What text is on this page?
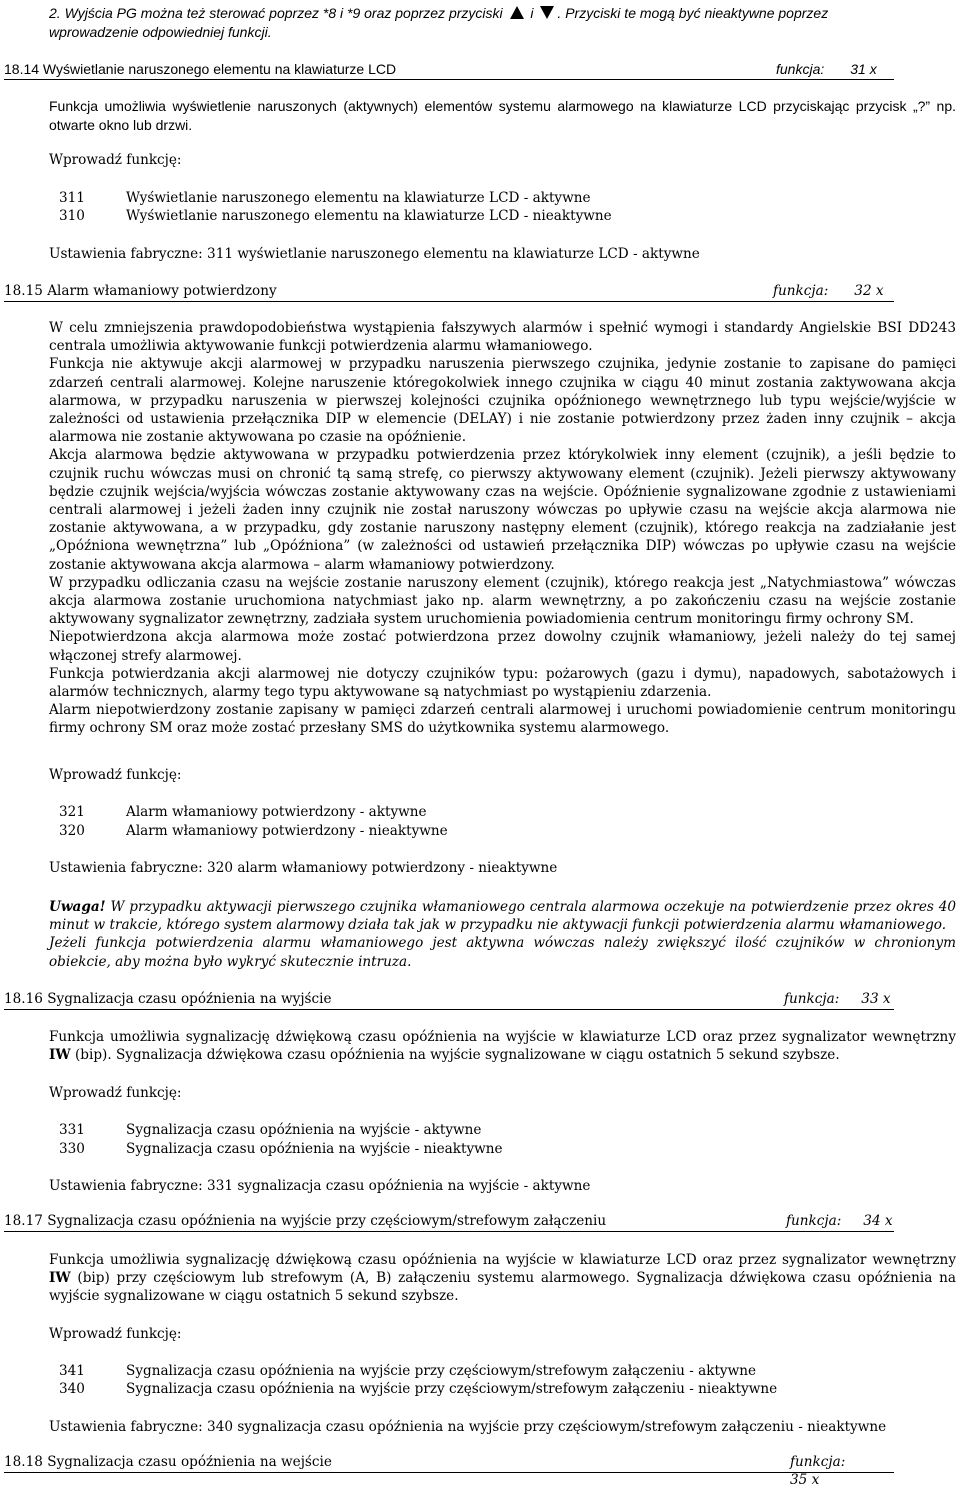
2. Wyjścia PG można też sterować poprzez *8 i *9 oraz poprzez przyciski i . Przyciski te mogą być nieaktywne poprzez
wprowadzenie odpowiedniej funkcji.
18.14 Wyświetlanie naruszonego elementu na klawiaturze LCD	funkcja: 31 x
Funkcja umożliwia wyświetlenie naruszonych (aktywnych) elementów systemu alarmowego na klawiaturze LCD przyciskając przycisk „?” np. otwarte okno lub drzwi.
Wprowadź funkcję:
311	Wyświetlanie naruszonego elementu na klawiaturze LCD - aktywne
310	Wyświetlanie naruszonego elementu na klawiaturze LCD - nieaktywne
Ustawienia fabryczne: 311 wyświetlanie naruszonego elementu na klawiaturze LCD - aktywne
18.15 Alarm włamaniowy potwierdzony	funkcja: 32 x

W celu zmniejszenia prawdopodobieństwa wystąpienia fałszywych alarmów i spełnić wymogi i standardy Angielskie BSI DD243 centrala umożliwia aktywowanie funkcji potwierdzenia alarmu włamaniowego.

Funkcja nie aktywuje akcji alarmowej w przypadku naruszenia pierwszego czujnika, jedynie zostanie to zapisane do pamięci zdarzeń centrali alarmowej. Kolejne naruszenie któregokolwiek innego czujnika w ciągu 40 minut zostania zaktywowana akcja alarmowa, w przypadku naruszenia w pierwszej kolejności czujnika opóźnionego wewnętrznego lub typu wejście/wyjście w zależności od ustawienia przełącznika DIP w elemencie (DELAY) i nie zostanie potwierdzony przez żaden inny czujnik – akcja alarmowa nie zostanie aktywowana po czasie na opóźnienie.

Akcja alarmowa będzie aktywowana w przypadku potwierdzenia przez którykolwiek inny element (czujnik), a jeśli będzie to czujnik ruchu wówczas musi on chronić tą samą strefę, co pierwszy aktywowany element (czujnik). Jeżeli pierwszy aktywowany będzie czujnik wejścia/wyjścia wówczas zostanie aktywowany czas na wejście. Opóźnienie sygnalizowane zgodnie z ustawieniami centrali alarmowej i jeżeli żaden inny czujnik nie został naruszony wówczas po upływie czasu na wejście akcja alarmowa nie zostanie aktywowana, a w przypadku, gdy zostanie naruszony następny element (czujnik), którego reakcja na zadziałanie jest „Opóźniona wewnętrzna” lub „Opóźniona” (w zależności od ustawień przełącznika DIP) wówczas po upływie czasu na wejście zostanie aktywowana akcja alarmowa – alarm włamaniowy potwierdzony.

W przypadku odliczania czasu na wejście zostanie naruszony element (czujnik), którego reakcja jest „Natychmiastowa” wówczas akcja alarmowa zostanie uruchomiona natychmiast jako np. alarm wewnętrzny, a po zakończeniu czasu na wejście zostanie aktywowany sygnalizator zewnętrzny, zadziała system uruchomienia powiadomienia centrum monitoringu firmy ochrony SM.

Niepotwierdzona akcja alarmowa może zostać potwierdzona przez dowolny czujnik włamaniowy, jeżeli należy do tej samej włączonej strefy alarmowej.

Funkcja potwierdzania akcji alarmowej nie dotyczy czujników typu: pożarowych (gazu i dymu), napadowych, sabotażowych i alarmów technicznych, alarmy tego typu aktywowane są natychmiast po wystąpieniu zdarzenia.

Alarm niepotwierdzony zostanie zapisany w pamięci zdarzeń centrali alarmowej i uruchomi powiadomienie centrum monitoringu firmy ochrony SM oraz może zostać przesłany SMS do użytkownika systemu alarmowego.

Wprowadź funkcję:
321	Alarm włamaniowy potwierdzony - aktywne
320	Alarm włamaniowy potwierdzony - nieaktywne
Ustawienia fabryczne: 320 alarm włamaniowy potwierdzony - nieaktywne
Uwaga! W przypadku aktywacji pierwszego czujnika włamaniowego centrala alarmowa oczekuje na potwierdzenie przez okres 40 minut w trakcie, którego system alarmowy działa tak jak w przypadku nie aktywacji funkcji potwierdzenia alarmu włamaniowego.
Jeżeli funkcja potwierdzenia alarmu włamaniowego jest aktywna wówczas należy zwiększyć ilość czujników w chronionym obiekcie, aby można było wykryć skutecznie intruza.
18.16 Sygnalizacja czasu opóźnienia na wyjście	funkcja: 33 x
Funkcja umożliwia sygnalizację dźwiękową czasu opóźnienia na wyjście w klawiaturze LCD oraz przez sygnalizator wewnętrzny IW (bip). Sygnalizacja dźwiękowa czasu opóźnienia na wyjście sygnalizowane w ciągu ostatnich 5 sekund szybsze.
Wprowadź funkcję:
331	Sygnalizacja czasu opóźnienia na wyjście - aktywne
330	Sygnalizacja czasu opóźnienia na wyjście - nieaktywne
Ustawienia fabryczne: 331 sygnalizacja czasu opóźnienia na wyjście - aktywne
18.17 Sygnalizacja czasu opóźnienia na wyjście przy częściowym/strefowym załączeniu	funkcja: 34 x
Funkcja umożliwia sygnalizację dźwiękową czasu opóźnienia na wyjście w klawiaturze LCD oraz przez sygnalizator wewnętrzny IW (bip) przy częściowym lub strefowym (A, B) załączeniu systemu alarmowego. Sygnalizacja dźwiękowa czasu opóźnienia na wyjście sygnalizowane w ciągu ostatnich 5 sekund szybsze.
Wprowadź funkcję:
341	Sygnalizacja czasu opóźnienia na wyjście przy częściowym/strefowym załączeniu - aktywne
340	Sygnalizacja czasu opóźnienia na wyjście przy częściowym/strefowym załączeniu - nieaktywne
Ustawienia fabryczne: 340 sygnalizacja czasu opóźnienia na wyjście przy częściowym/strefowym załączeniu - nieaktywne
18.18 Sygnalizacja czasu opóźnienia na wejście	funkcja:35 x
